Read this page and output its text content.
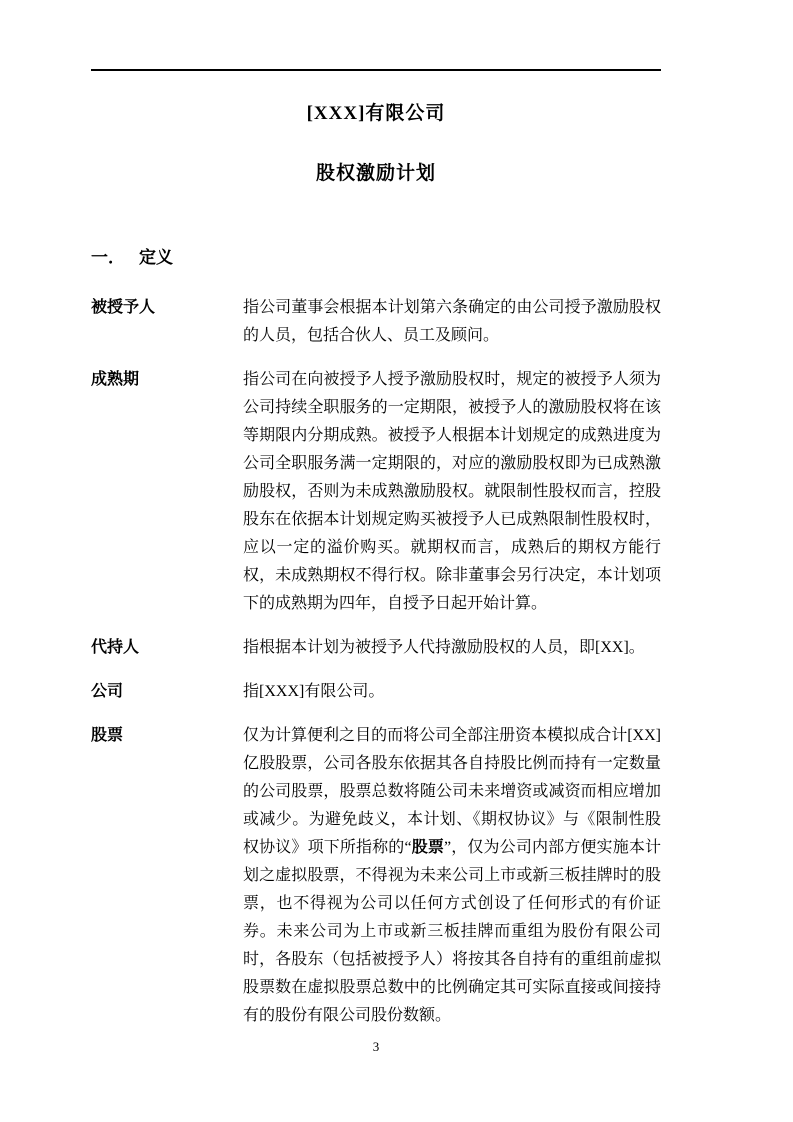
[XXX]有限公司
股权激励计划
一． 定义
被授予人	指公司董事会根据本计划第六条确定的由公司授予激励股权的人员，包括合伙人、员工及顾问。
成熟期	指公司在向被授予人授予激励股权时，规定的被授予人须为公司持续全职服务的一定期限，被授予人的激励股权将在该等期限内分期成熟。被授予人根据本计划规定的成熟进度为公司全职服务满一定期限的，对应的激励股权即为已成熟激励股权，否则为未成熟激励股权。就限制性股权而言，控股股东在依据本计划规定购买被授予人已成熟限制性股权时，应以一定的溢价购买。就期权而言，成熟后的期权方能行权，未成熟期权不得行权。除非董事会另行决定，本计划项下的成熟期为四年，自授予日起开始计算。
代持人	指根据本计划为被授予人代持激励股权的人员，即[XX]。
公司	指[XXX]有限公司。
股票	仅为计算便利之目的而将公司全部注册资本模拟成合计[XX]亿股股票，公司各股东依据其各自持股比例而持有一定数量的公司股票，股票总数将随公司未来增资或减资而相应增加或减少。为避免歧义，本计划、《期权协议》与《限制性股权协议》项下所指称的“股票”，仅为公司内部方便实施本计划之虚拟股票，不得视为未来公司上市或新三板挂牌时的股票，也不得视为公司以任何方式创设了任何形式的有价证券。未来公司为上市或新三板挂牌而重组为股份有限公司时，各股东（包括被授予人）将按其各自持有的重组前虚拟股票数在虚拟股票总数中的比例确定其可实际直接或间接持有的股份有限公司股份数额。
3
